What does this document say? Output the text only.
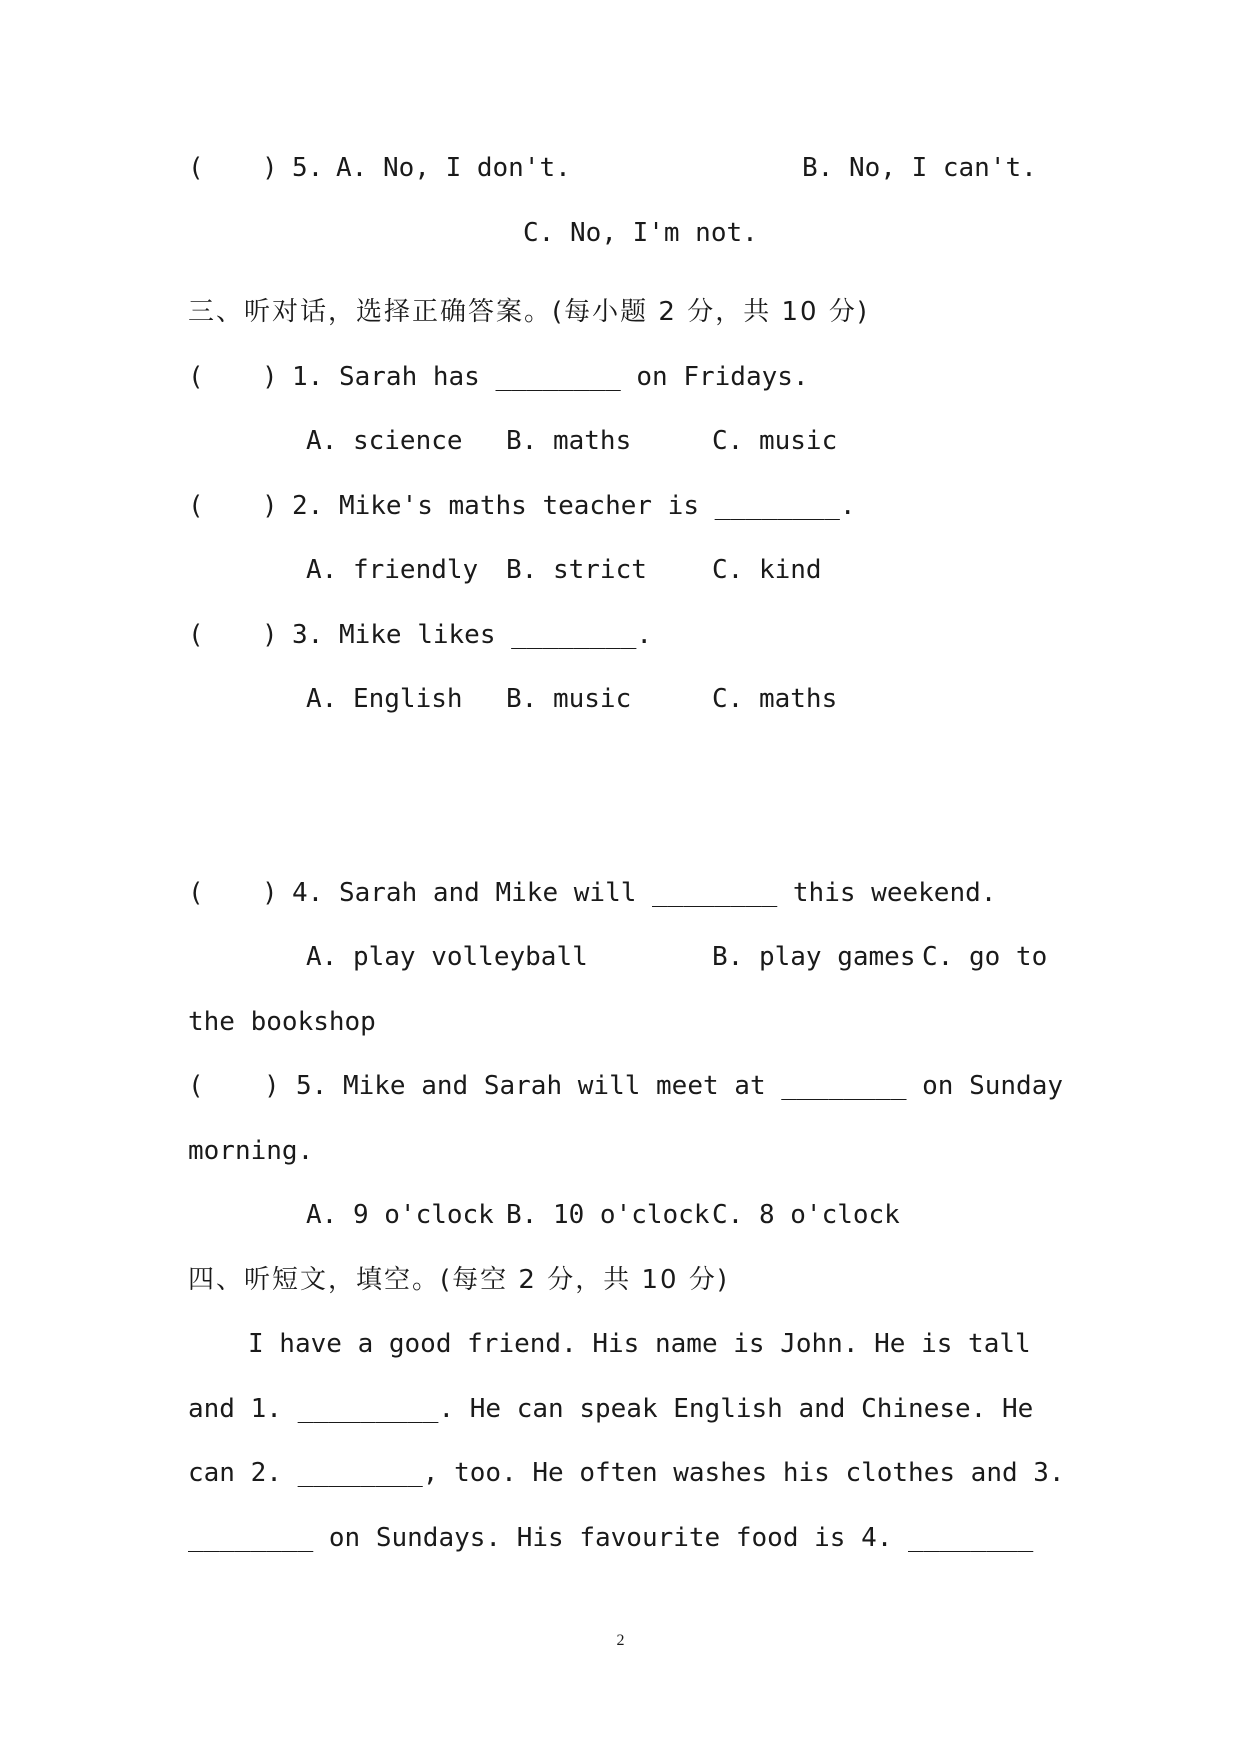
( ) 5. A. No, I don't.	B. No, I can't.
C. No, I'm not.
三、听对话，选择正确答案。(每小题 2 分，共 10 分)
( ) 1. Sarah has ________ on Fridays.
A. science B. maths	C. music
( ) 2. Mike's maths teacher is ________.
A. friendly B. strict	C. kind
( ) 3. Mike likes ________.
A. English B. music	C. maths
( ) 4. Sarah and Mike will ________ this weekend.
A. play volleyball	B. play games C. go to
the bookshop
( ) 5. Mike and Sarah will meet at ________ on Sunday
morning.
A. 9 o'clock B. 10 o'clock C. 8 o'clock
四、听短文，填空。(每空 2 分，共 10 分)
I have a good friend. His name is John. He is tall
and 1. _________. He can speak English and Chinese. He
can 2. ________, too. He often washes his clothes and 3.
________ on Sundays. His favourite food is 4. ________
2
